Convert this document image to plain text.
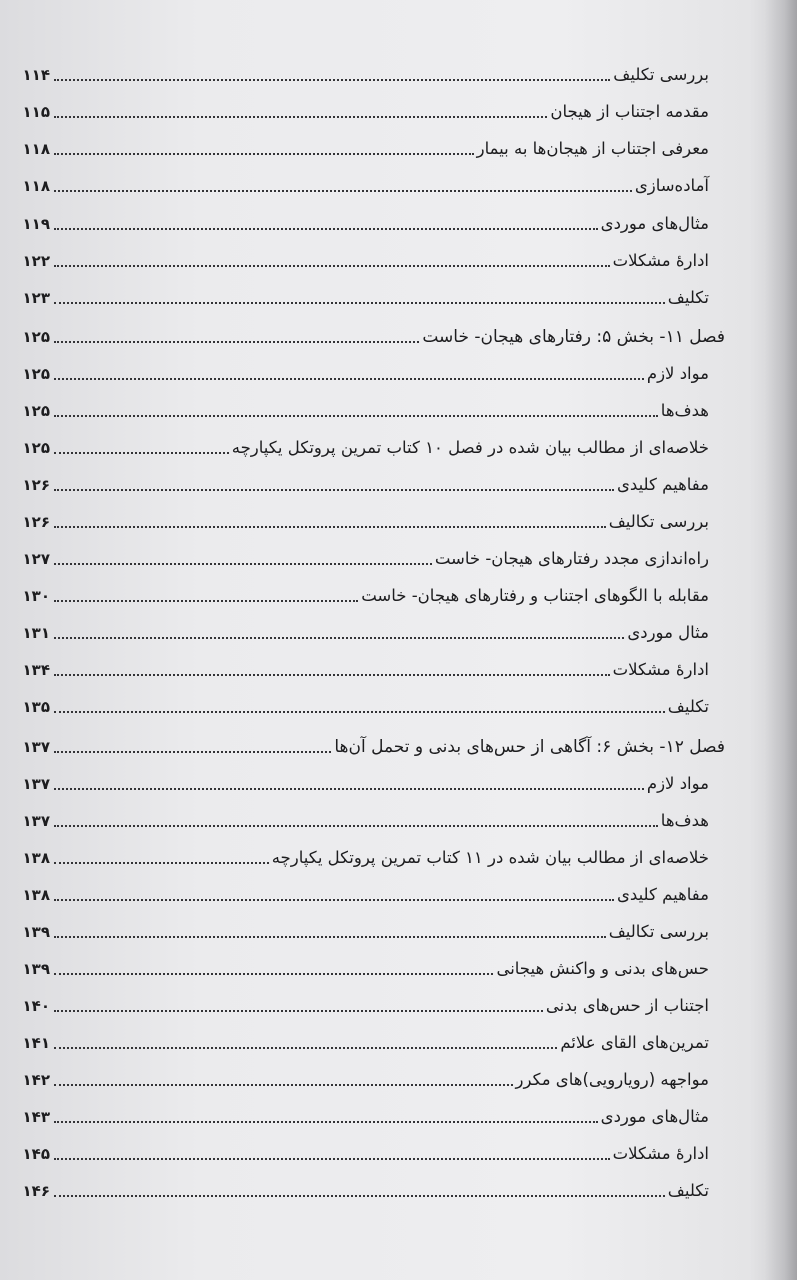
بررسی تکلیف
۱۱۴
مقدمه اجتناب از هیجان
۱۱۵
معرفی اجتناب از هیجان‌ها به بیمار
۱۱۸
آماده‌سازی
۱۱۸
مثال‌های موردی
۱۱۹
ادارهٔ مشکلات
۱۲۲
تکلیف
۱۲۳
فصل ۱۱- بخش ۵: رفتارهای هیجان- خاست
۱۲۵
مواد لازم
۱۲۵
هدف‌ها
۱۲۵
خلاصه‌ای از مطالب بیان شده در فصل ۱۰ کتاب تمرین پروتکل یکپارچه
۱۲۵
مفاهیم کلیدی
۱۲۶
بررسی تکالیف
۱۲۶
راه‌اندازی مجدد رفتارهای هیجان- خاست
۱۲۷
مقابله با الگوهای اجتناب و رفتارهای هیجان- خاست
۱۳۰
مثال موردی
۱۳۱
ادارهٔ مشکلات
۱۳۴
تکلیف
۱۳۵
فصل ۱۲- بخش ۶: آگاهی از حس‌های بدنی و تحمل آن‌ها
۱۳۷
مواد لازم
۱۳۷
هدف‌ها
۱۳۷
خلاصه‌ای از مطالب بیان شده در ۱۱ کتاب تمرین پروتکل یکپارچه
۱۳۸
مفاهیم کلیدی
۱۳۸
بررسی تکالیف
۱۳۹
حس‌های بدنی و واکنش هیجانی
۱۳۹
اجتناب از حس‌های بدنی
۱۴۰
تمرین‌های القای علائم
۱۴۱
مواجهه (رویارویی)‌های مکرر
۱۴۲
مثال‌های موردی
۱۴۳
ادارهٔ مشکلات
۱۴۵
تکلیف
۱۴۶
